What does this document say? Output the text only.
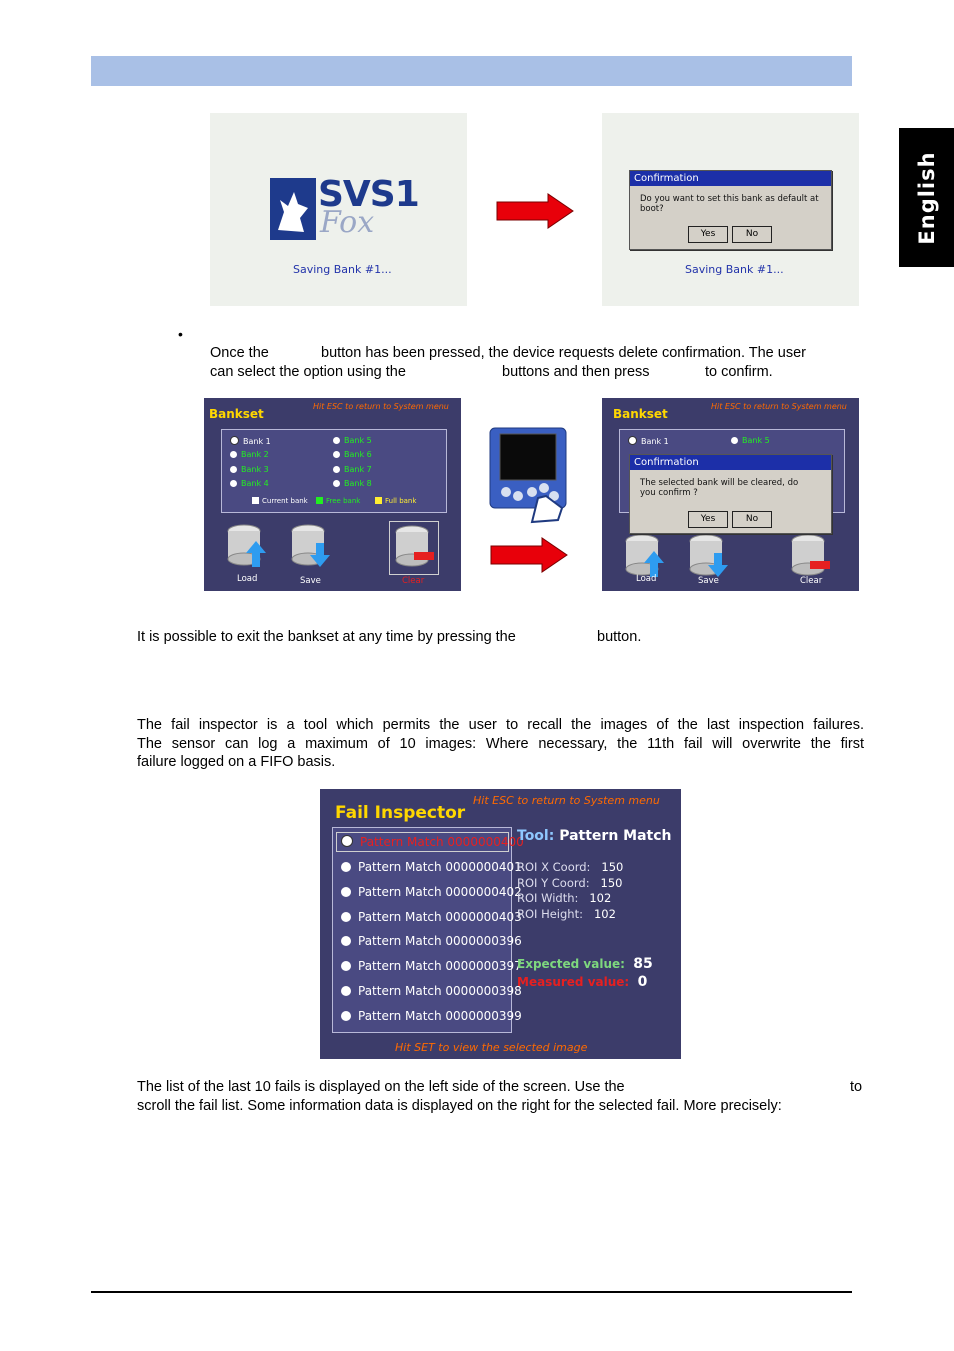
English
SVS1
Fox
Saving Bank #1...
Confirmation
Do you want to set this bank as default at boot?
Yes	No
Saving Bank #1...
•
Once the	button has been pressed, the device requests delete confirmation. The user
can select the option using the	buttons and then press	to confirm.
Bankset
Hit ESC to return to System menu
Bank 1
Bank 2
Bank 3
Bank 4
Bank 5
Bank 6
Bank 7
Bank 8
Current bank	Free bank	Full bank
Load	Save	Clear
Bankset
Hit ESC to return to System menu
Bank 1	Bank 5
Load	Save	Clear
Confirmation
The selected bank will be cleared, do you confirm ?
Yes	No
It is possible to exit the bankset at any time by pressing the	button.
The fail inspector is a tool which permits the user to recall the images of the last inspection failures.
The sensor can log a maximum of 10 images: Where necessary, the 11th fail will overwrite the first
failure logged on a FIFO basis.
Fail Inspector
Hit ESC to return to System menu
Pattern Match 0000000400
Pattern Match 0000000401
Pattern Match 0000000402
Pattern Match 0000000403
Pattern Match 0000000396
Pattern Match 0000000397
Pattern Match 0000000398
Pattern Match 0000000399
Tool: Pattern Match
ROI X Coord: 150
ROI Y Coord: 150
ROI Width: 102
ROI Height: 102
Expected value: 85
Measured value: 0
Hit SET to view the selected image
The list of the last 10 fails is displayed on the left side of the screen. Use the	to
scroll the fail list. Some information data is displayed on the right for the selected fail. More precisely:
